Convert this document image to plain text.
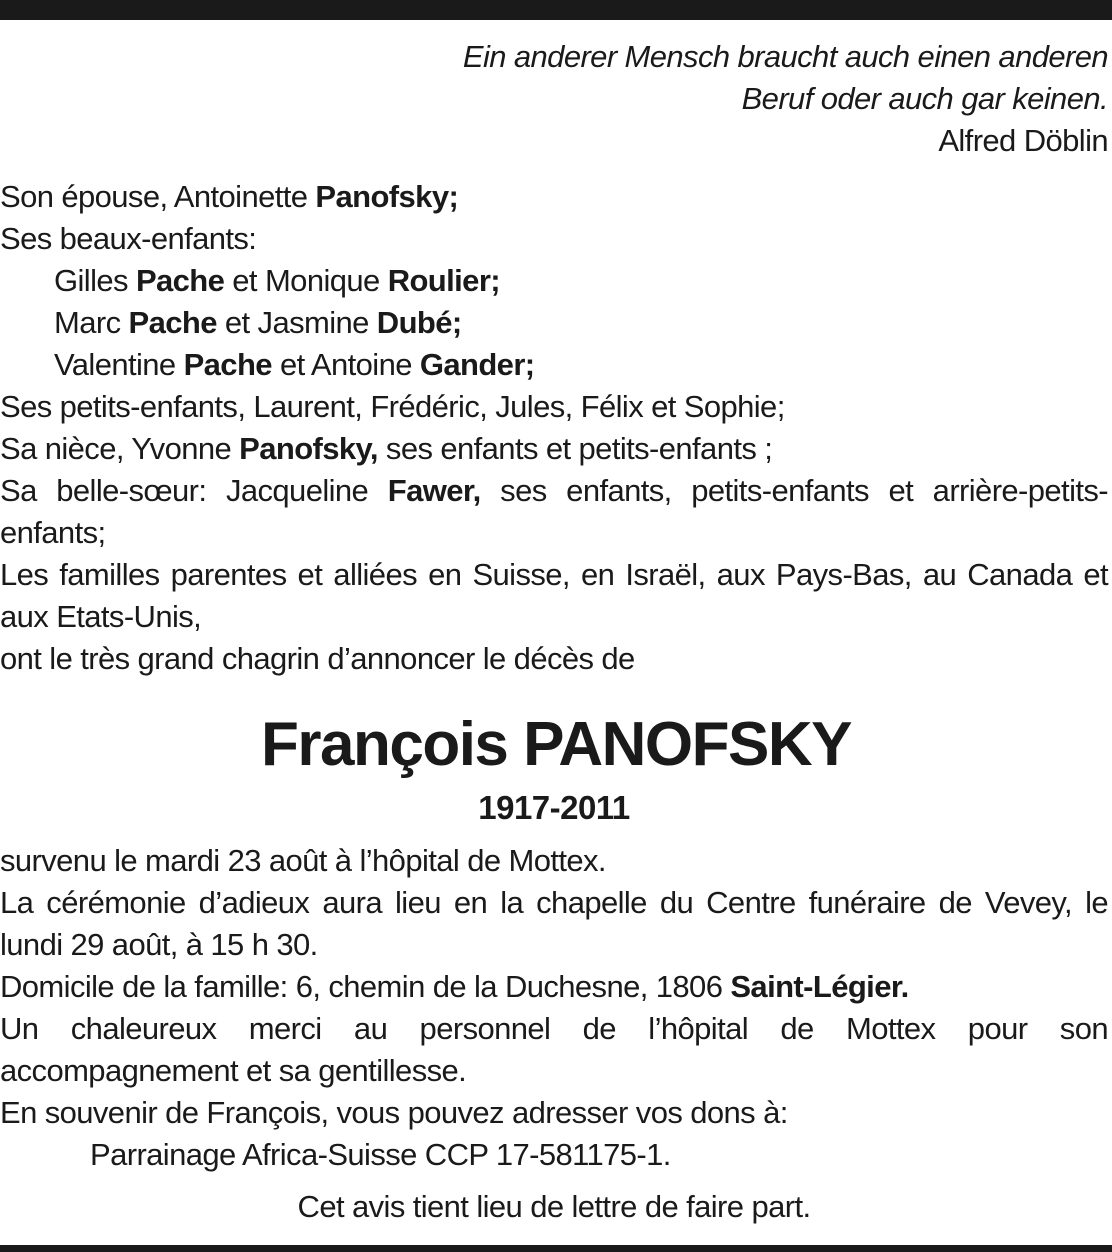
Ein anderer Mensch braucht auch einen anderen
Beruf oder auch gar keinen.
Alfred Döblin
Son épouse, Antoinette Panofsky;
Ses beaux-enfants:
Gilles Pache et Monique Roulier;
Marc Pache et Jasmine Dubé;
Valentine Pache et Antoine Gander;
Ses petits-enfants, Laurent, Frédéric, Jules, Félix et Sophie;
Sa nièce, Yvonne Panofsky, ses enfants et petits-enfants ;
Sa belle-sœur: Jacqueline Fawer, ses enfants, petits-enfants et arrière-petits-enfants;
Les familles parentes et alliées en Suisse, en Israël, aux Pays-Bas, au Canada et aux Etats-Unis,
ont le très grand chagrin d’annoncer le décès de
François PANOFSKY
1917-2011
survenu le mardi 23 août à l’hôpital de Mottex.
La cérémonie d’adieux aura lieu en la chapelle du Centre funéraire de Vevey, le lundi 29 août, à 15 h 30.
Domicile de la famille: 6, chemin de la Duchesne, 1806 Saint-Légier.
Un chaleureux merci au personnel de l’hôpital de Mottex pour son accompagnement et sa gentillesse.
En souvenir de François, vous pouvez adresser vos dons à:
Parrainage Africa-Suisse CCP 17-581175-1.
Cet avis tient lieu de lettre de faire part.
